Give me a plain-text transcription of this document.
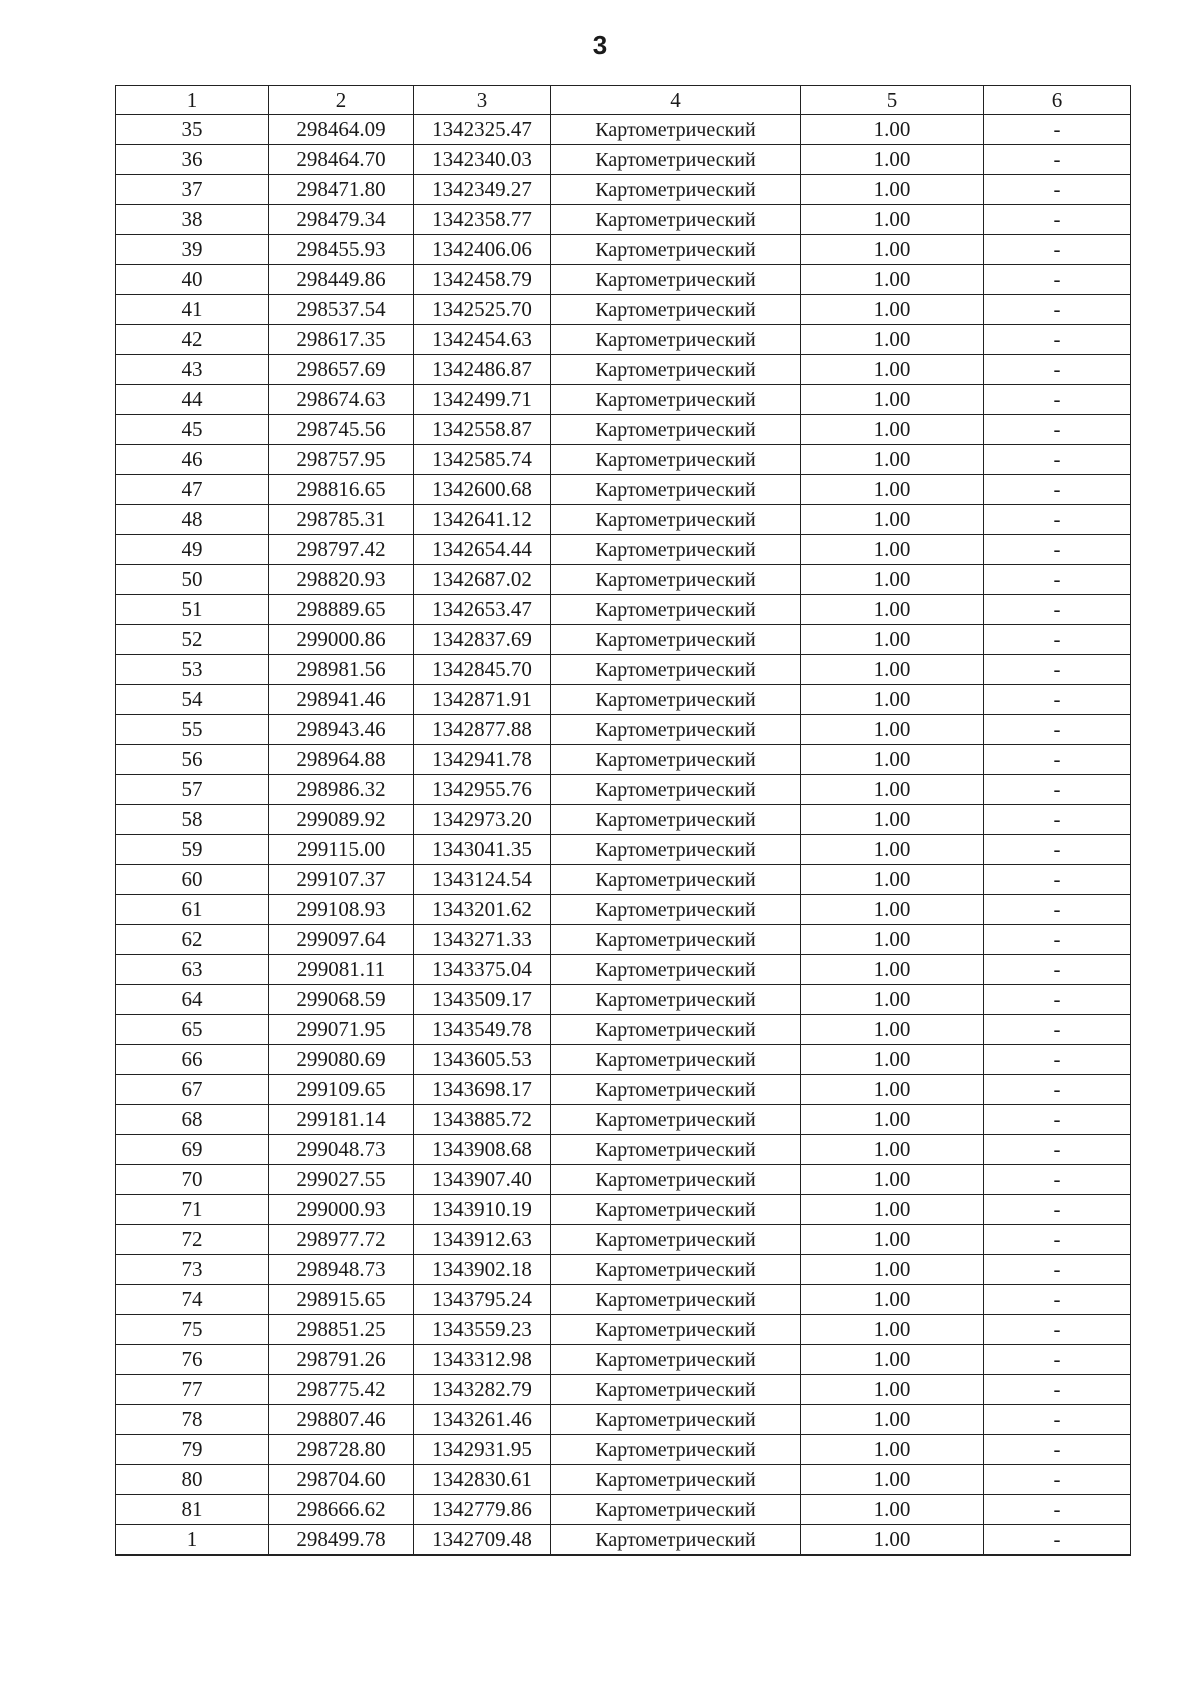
3
1	2	3	4	5	6
35	298464.09	1342325.47	Картометрический	1.00	-
36	298464.70	1342340.03	Картометрический	1.00	-
37	298471.80	1342349.27	Картометрический	1.00	-
38	298479.34	1342358.77	Картометрический	1.00	-
39	298455.93	1342406.06	Картометрический	1.00	-
40	298449.86	1342458.79	Картометрический	1.00	-
41	298537.54	1342525.70	Картометрический	1.00	-
42	298617.35	1342454.63	Картометрический	1.00	-
43	298657.69	1342486.87	Картометрический	1.00	-
44	298674.63	1342499.71	Картометрический	1.00	-
45	298745.56	1342558.87	Картометрический	1.00	-
46	298757.95	1342585.74	Картометрический	1.00	-
47	298816.65	1342600.68	Картометрический	1.00	-
48	298785.31	1342641.12	Картометрический	1.00	-
49	298797.42	1342654.44	Картометрический	1.00	-
50	298820.93	1342687.02	Картометрический	1.00	-
51	298889.65	1342653.47	Картометрический	1.00	-
52	299000.86	1342837.69	Картометрический	1.00	-
53	298981.56	1342845.70	Картометрический	1.00	-
54	298941.46	1342871.91	Картометрический	1.00	-
55	298943.46	1342877.88	Картометрический	1.00	-
56	298964.88	1342941.78	Картометрический	1.00	-
57	298986.32	1342955.76	Картометрический	1.00	-
58	299089.92	1342973.20	Картометрический	1.00	-
59	299115.00	1343041.35	Картометрический	1.00	-
60	299107.37	1343124.54	Картометрический	1.00	-
61	299108.93	1343201.62	Картометрический	1.00	-
62	299097.64	1343271.33	Картометрический	1.00	-
63	299081.11	1343375.04	Картометрический	1.00	-
64	299068.59	1343509.17	Картометрический	1.00	-
65	299071.95	1343549.78	Картометрический	1.00	-
66	299080.69	1343605.53	Картометрический	1.00	-
67	299109.65	1343698.17	Картометрический	1.00	-
68	299181.14	1343885.72	Картометрический	1.00	-
69	299048.73	1343908.68	Картометрический	1.00	-
70	299027.55	1343907.40	Картометрический	1.00	-
71	299000.93	1343910.19	Картометрический	1.00	-
72	298977.72	1343912.63	Картометрический	1.00	-
73	298948.73	1343902.18	Картометрический	1.00	-
74	298915.65	1343795.24	Картометрический	1.00	-
75	298851.25	1343559.23	Картометрический	1.00	-
76	298791.26	1343312.98	Картометрический	1.00	-
77	298775.42	1343282.79	Картометрический	1.00	-
78	298807.46	1343261.46	Картометрический	1.00	-
79	298728.80	1342931.95	Картометрический	1.00	-
80	298704.60	1342830.61	Картометрический	1.00	-
81	298666.62	1342779.86	Картометрический	1.00	-
1	298499.78	1342709.48	Картометрический	1.00	-
